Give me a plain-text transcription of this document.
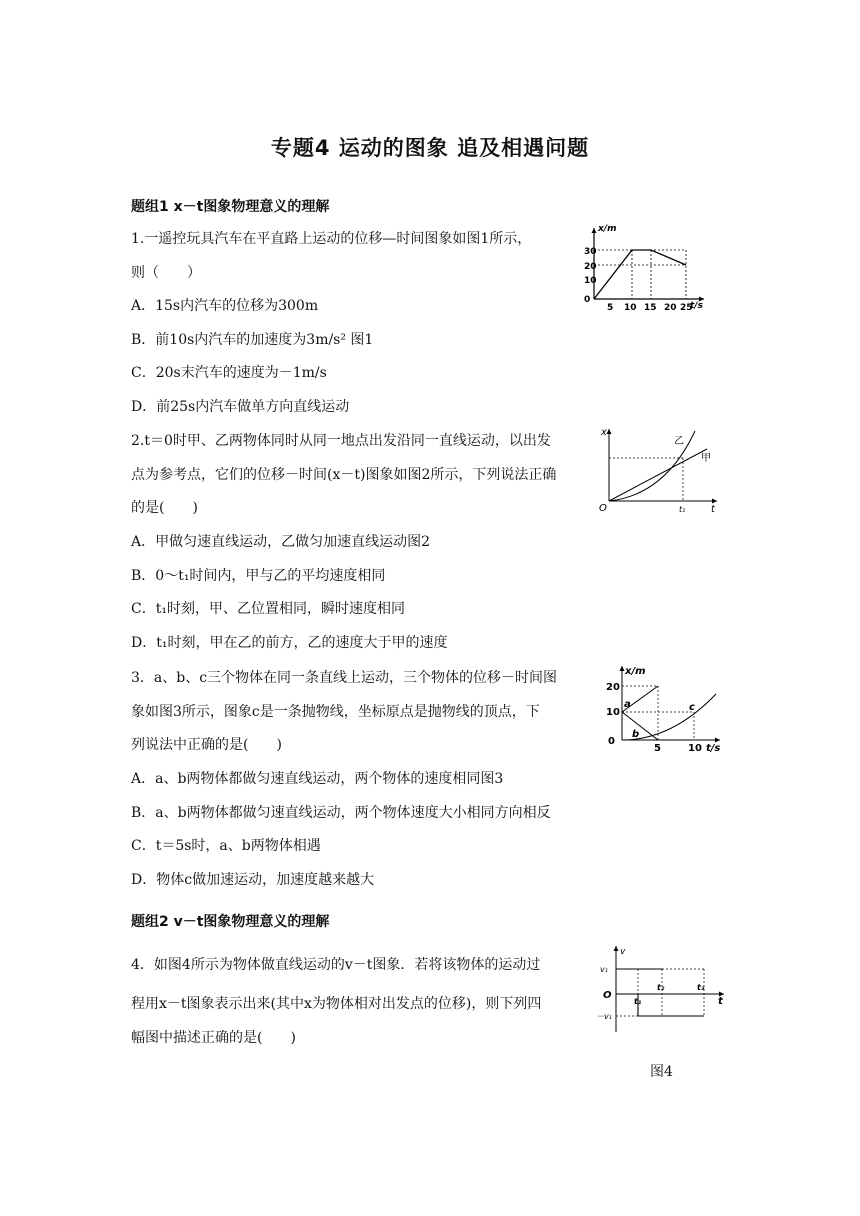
专题4 运动的图象 追及相遇问题
题组1 x－t图象物理意义的理解
1.一遥控玩具汽车在平直路上运动的位移—时间图象如图1所示，
则（　　）
A．15s内汽车的位移为300m
B．前10s内汽车的加速度为3m/s² 图1
C．20s末汽车的速度为－1m/s
D．前25s内汽车做单方向直线运动
x/m
t/s
0
5 10 15 20 25
10
20
30
2.t＝0时甲、乙两物体同时从同一地点出发沿同一直线运动，以出发
点为参考点，它们的位移－时间(x－t)图象如图2所示，下列说法正确
的是(　　)
A．甲做匀速直线运动，乙做匀加速直线运动图2
B．0～t₁时间内，甲与乙的平均速度相同
C．t₁时刻，甲、乙位置相同，瞬时速度相同
D．t₁时刻，甲在乙的前方，乙的速度大于甲的速度
x
t
O	t₁
乙
甲
3．a、b、c三个物体在同一条直线上运动，三个物体的位移－时间图
象如图3所示，图象c是一条抛物线，坐标原点是抛物线的顶点，下
列说法中正确的是(　　)
A．a、b两物体都做匀速直线运动，两个物体的速度相同图3
B．a、b两物体都做匀速直线运动，两个物体速度大小相同方向相反
C．t＝5s时，a、b两物体相遇
D．物体c做加速运动，加速度越来越大
x/m
t/s
0
5	10
10
20
a
b
c
题组2 v－t图象物理意义的理解
4．如图4所示为物体做直线运动的v－t图象．若将该物体的运动过
程用x－t图象表示出来(其中x为物体相对出发点的位移)，则下列四
幅图中描述正确的是(　　)
v
t
O
v₁
－v₁
t₁
t₂	t₃
图4
